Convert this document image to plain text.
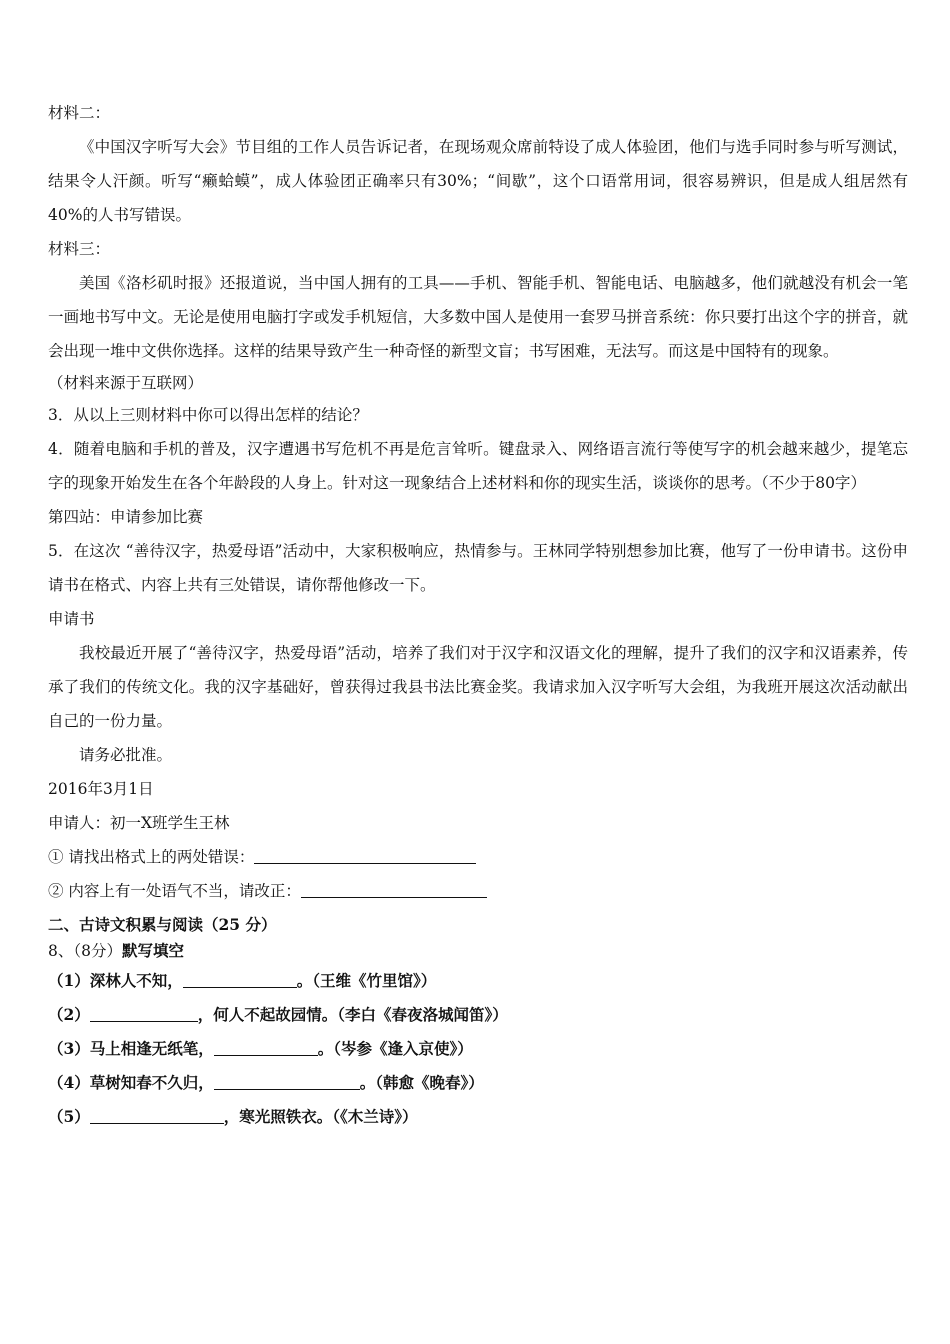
材料二：
《中国汉字听写大会》节目组的工作人员告诉记者，在现场观众席前特设了成人体验团，他们与选手同时参与听写测试，结果令人汗颜。听写“癞蛤蟆”，成人体验团正确率只有30%；“间歇”，这个口语常用词，很容易辨识，但是成人组居然有40%的人书写错误。
材料三：
美国《洛杉矶时报》还报道说，当中国人拥有的工具——手机、智能手机、智能电话、电脑越多，他们就越没有机会一笔一画地书写中文。无论是使用电脑打字或发手机短信，大多数中国人是使用一套罗马拼音系统：你只要打出这个字的拼音，就会出现一堆中文供你选择。这样的结果导致产生一种奇怪的新型文盲；书写困难，无法写。而这是中国特有的现象。
（材料来源于互联网）
3．从以上三则材料中你可以得出怎样的结论？
4．随着电脑和手机的普及，汉字遭遇书写危机不再是危言耸听。键盘录入、网络语言流行等使写字的机会越来越少，提笔忘字的现象开始发生在各个年龄段的人身上。针对这一现象结合上述材料和你的现实生活，谈谈你的思考。（不少于80字）
第四站：申请参加比赛
5．在这次 “善待汉字，热爱母语”活动中，大家积极响应，热情参与。王林同学特别想参加比赛，他写了一份申请书。这份申请书在格式、内容上共有三处错误，请你帮他修改一下。
申请书
我校最近开展了“善待汉字，热爱母语”活动，培养了我们对于汉字和汉语文化的理解，提升了我们的汉字和汉语素养，传承了我们的传统文化。我的汉字基础好，曾获得过我县书法比赛金奖。我请求加入汉字听写大会组，为我班开展这次活动献出自己的一份力量。
请务必批准。
2016年3月1日
申请人：初一X班学生王林
① 请找出格式上的两处错误：
② 内容上有一处语气不当，请改正：
二、古诗文积累与阅读（25 分）
8、（8分）默写填空
（1）深林人不知，	。（王维《竹里馆》）
（2）	，何人不起故园情。（李白《春夜洛城闻笛》）
（3）马上相逢无纸笔，	。（岑参《逢入京使》）
（4）草树知春不久归，	。（韩愈《晚春》）
（5）	，寒光照铁衣。（《木兰诗》）
